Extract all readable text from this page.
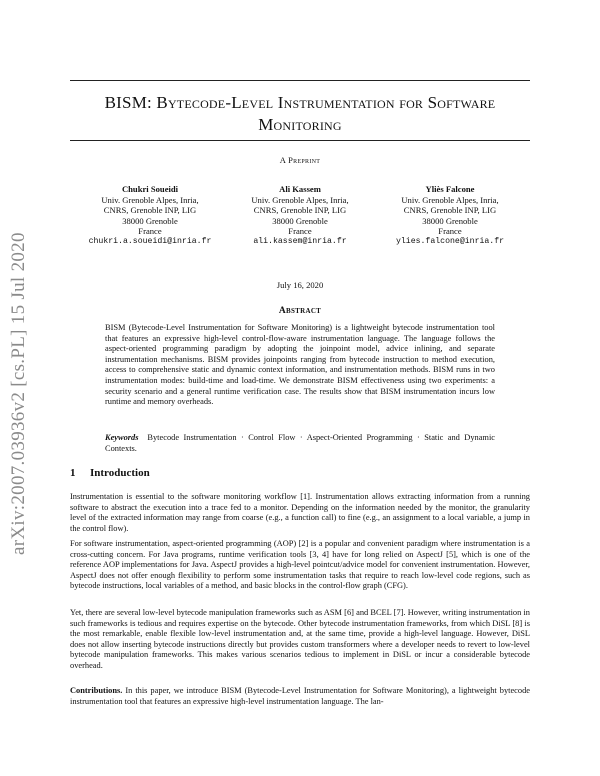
arXiv:2007.03936v2 [cs.PL] 15 Jul 2020
BISM: Bytecode-Level Instrumentation for Software
Monitoring
A Preprint
Chukri Soueidi
Univ. Grenoble Alpes, Inria,
CNRS, Grenoble INP, LIG
38000 Grenoble
France
chukri.a.soueidi@inria.fr
Ali Kassem
Univ. Grenoble Alpes, Inria,
CNRS, Grenoble INP, LIG
38000 Grenoble
France
ali.kassem@inria.fr
Yliès Falcone
Univ. Grenoble Alpes, Inria,
CNRS, Grenoble INP, LIG
38000 Grenoble
France
ylies.falcone@inria.fr
July 16, 2020
Abstract
BISM (Bytecode-Level Instrumentation for Software Monitoring) is a lightweight bytecode instrumentation tool that features an expressive high-level control-flow-aware instrumentation language. The language follows the aspect-oriented programming paradigm by adopting the joinpoint model, advice inlining, and separate instrumentation mechanisms. BISM provides joinpoints ranging from bytecode instruction to method execution, access to comprehensive static and dynamic context information, and instrumentation methods. BISM runs in two instrumentation modes: build-time and load-time. We demonstrate BISM effectiveness using two experiments: a security scenario and a general runtime verification case. The results show that BISM instrumentation incurs low runtime and memory overheads.
Keywords Bytecode Instrumentation · Control Flow · Aspect-Oriented Programming · Static and Dynamic Contexts.
1 Introduction
Instrumentation is essential to the software monitoring workflow [1]. Instrumentation allows extracting information from a running software to abstract the execution into a trace fed to a monitor. Depending on the information needed by the monitor, the granularity level of the extracted information may range from coarse (e.g., a function call) to fine (e.g., an assignment to a local variable, a jump in the control flow).
For software instrumentation, aspect-oriented programming (AOP) [2] is a popular and convenient paradigm where instrumentation is a cross-cutting concern. For Java programs, runtime verification tools [3, 4] have for long relied on AspectJ [5], which is one of the reference AOP implementations for Java. AspectJ provides a high-level pointcut/advice model for convenient instrumentation. However, AspectJ does not offer enough flexibility to perform some instrumentation tasks that require to reach low-level code regions, such as bytecode instructions, local variables of a method, and basic blocks in the control-flow graph (CFG).
Yet, there are several low-level bytecode manipulation frameworks such as ASM [6] and BCEL [7]. However, writing instrumentation in such frameworks is tedious and requires expertise on the bytecode. Other bytecode instrumentation frameworks, from which DiSL [8] is the most remarkable, enable flexible low-level instrumentation and, at the same time, provide a high-level language. However, DiSL does not allow inserting bytecode instructions directly but provides custom transformers where a developer needs to revert to low-level bytecode manipulation frameworks. This makes various scenarios tedious to implement in DiSL or incur a considerable bytecode overhead.
Contributions. In this paper, we introduce BISM (Bytecode-Level Instrumentation for Software Monitoring), a lightweight bytecode instrumentation tool that features an expressive high-level instrumentation language. The lan-
